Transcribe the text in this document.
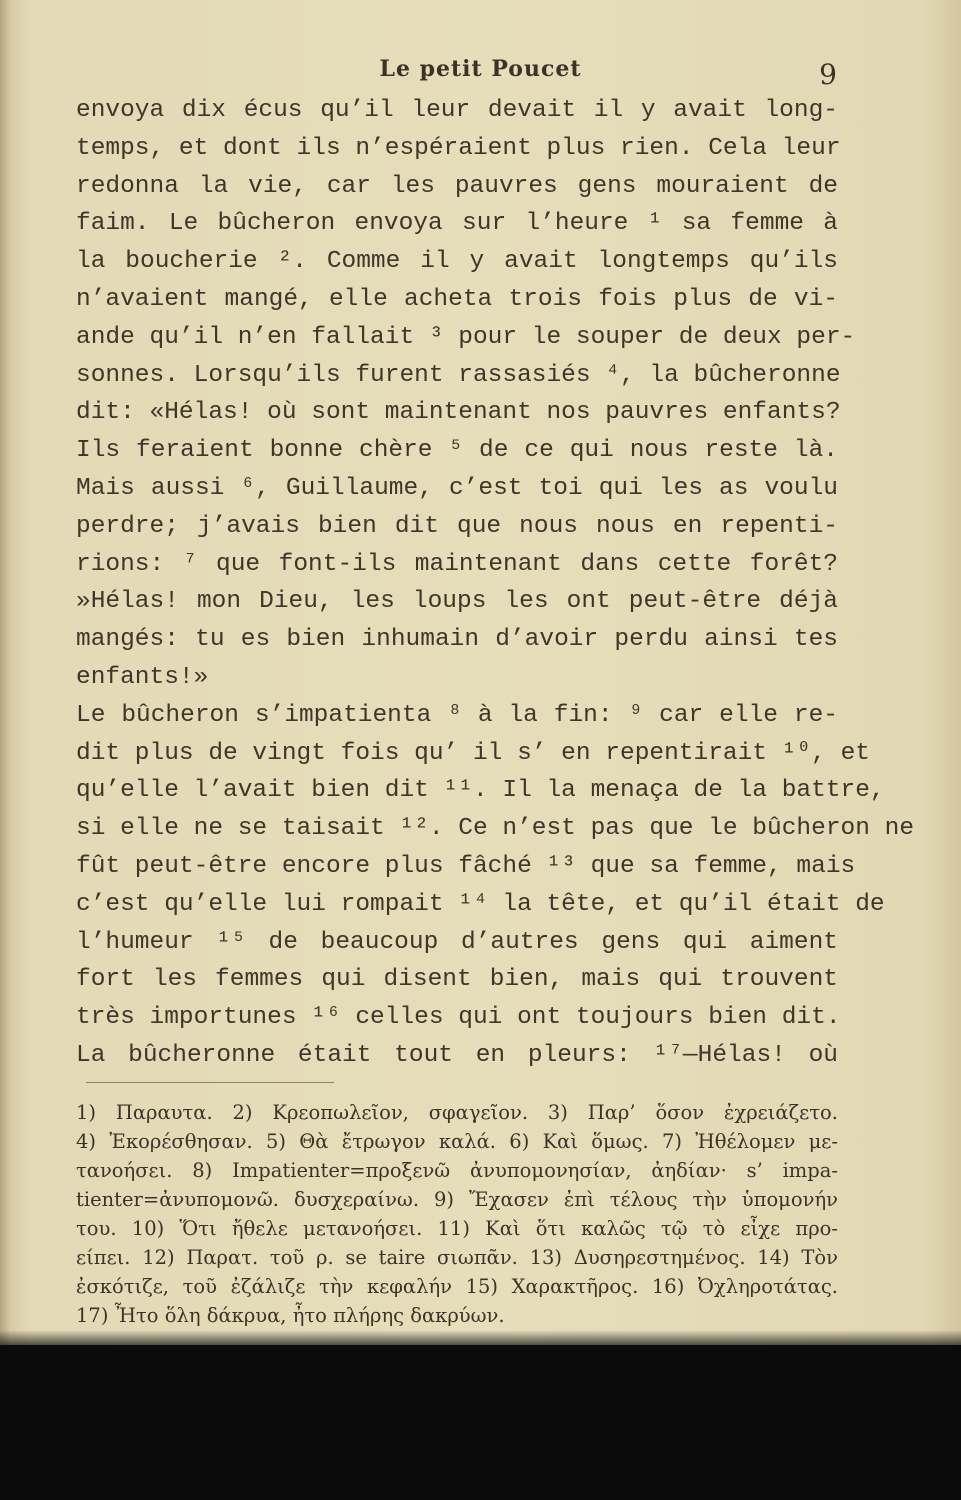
Le petit Poucet	9
envoya dix écus qu’il leur devait il y avait long-
temps, et dont ils n’espéraient plus rien. Cela leur
redonna la vie, car les pauvres gens mouraient de
faim. Le bûcheron envoya sur l’heure ¹ sa femme à
la boucherie ². Comme il y avait longtemps qu’ils
n’avaient mangé, elle acheta trois fois plus de vi-
ande qu’il n’en fallait ³ pour le souper de deux per-
sonnes. Lorsqu’ils furent rassasiés ⁴, la bûcheronne
dit: «Hélas! où sont maintenant nos pauvres enfants?
Ils feraient bonne chère ⁵ de ce qui nous reste là.
Mais aussi ⁶, Guillaume, c’est toi qui les as voulu
perdre; j’avais bien dit que nous nous en repenti-
rions: ⁷ que font-ils maintenant dans cette forêt?
»Hélas! mon Dieu, les loups les ont peut-être déjà
mangés: tu es bien inhumain d’avoir perdu ainsi tes
enfants!»
Le bûcheron s’impatienta ⁸ à la fin: ⁹ car elle re-
dit plus de vingt fois qu’ il s’ en repentirait ¹⁰, et
qu’elle l’avait bien dit ¹¹. Il la menaça de la battre,
si elle ne se taisait ¹². Ce n’est pas que le bûcheron ne
fût peut-être encore plus fâché ¹³ que sa femme, mais
c’est qu’elle lui rompait ¹⁴ la tête, et qu’il était de
l’humeur ¹⁵ de beaucoup d’autres gens qui aiment
fort les femmes qui disent bien, mais qui trouvent
très importunes ¹⁶ celles qui ont toujours bien dit.
La bûcheronne était tout en pleurs: ¹⁷—Hélas! où
1) Παραυτα. 2) Κρεοπωλεῖον, σφαγεῖον. 3) Παρ’ ὅσον ἐχρειάζετο.
4) Ἐκορέσθησαν. 5) Θὰ ἔτρωγον καλά. 6) Καὶ ὅμως. 7) Ἠθέλομεν με-
τανοήσει. 8) Impatienter=προξενῶ ἀνυπομονησίαν, ἀηδίαν· s’ impa-
tienter=ἀνυπομονῶ. δυσχεραίνω. 9) Ἔχασεν ἐπὶ τέλους τὴν ὑπομονήν
του. 10) Ὅτι ἤθελε μετανοήσει. 11) Καὶ ὅτι καλῶς τῷ τὸ εἶχε προ-
είπει. 12) Παρατ. τοῦ ρ. se taire σιωπᾶν. 13) Δυσηρεστημένος. 14) Τὸν
ἐσκότιζε, τοῦ ἐζάλιζε τὴν κεφαλήν 15) Χαρακτῆρος. 16) Ὀχληροτάτας.
17) Ἦτο ὅλη δάκρυα, ἦτο πλήρης δακρύων.
